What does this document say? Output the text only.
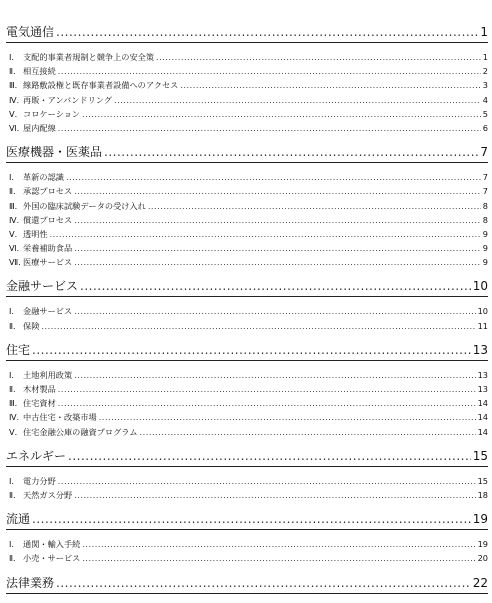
電気通信 .....	1
Ⅰ.	支配的事業者規制と競争上の安全策 .....	1
Ⅱ. 相互接続 .....	2
Ⅲ. 線路敷設権と既存事業者設備へのアクセス .....	3
Ⅳ. 再販・アンバンドリング .....	4
Ⅴ. コロケーション .....	5
Ⅵ. 屋内配線 .....	6
医療機器・医薬品 .....	7
Ⅰ.	革新の認識 .....	7
Ⅱ. 承認プロセス .....	7
Ⅲ. 外国の臨床試験データの受け入れ .....	8
Ⅳ. 償還プロセス .....	8
Ⅴ. 透明性 .....	9
Ⅵ. 栄養補助食品 .....	9
Ⅶ. 医療サービス .....	9
金融サービス .....	10
Ⅰ.	金融サービス .....	10
Ⅱ. 保険 .....	11
住宅 .....	13
Ⅰ.	土地利用政策 .....	13
Ⅱ. 木材製品 .....	13
Ⅲ. 住宅資材 .....	14
Ⅳ. 中古住宅・改築市場 .....	14
Ⅴ. 住宅金融公庫の融資プログラム .....	14
エネルギー .....	15
Ⅰ.	電力分野 .....	15
Ⅱ. 天然ガス分野 .....	18
流通 .....	19
Ⅰ.	通関・輸入手続 .....	19
Ⅱ. 小売・サービス .....	20
法律業務 .....	22
